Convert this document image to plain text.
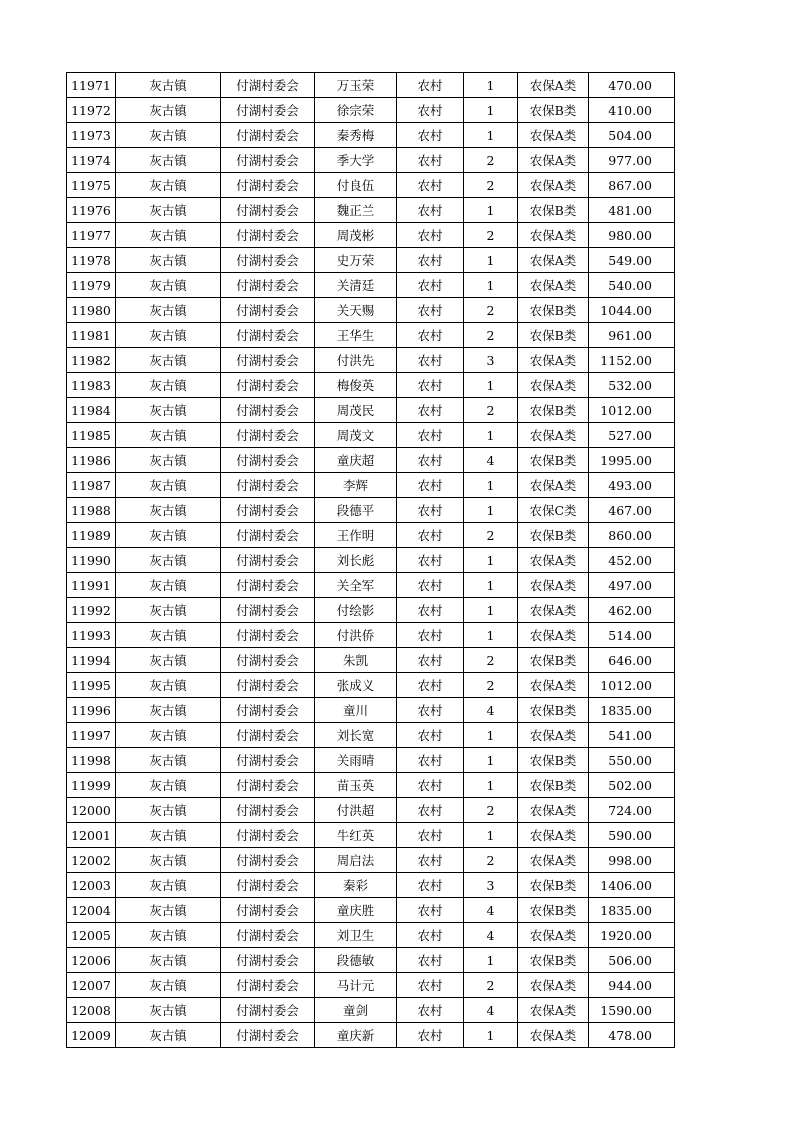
11971	灰古镇	付湖村委会	万玉荣	农村	1	农保A类	470.00
11972	灰古镇	付湖村委会	徐宗荣	农村	1	农保B类	410.00
11973	灰古镇	付湖村委会	秦秀梅	农村	1	农保A类	504.00
11974	灰古镇	付湖村委会	季大学	农村	2	农保A类	977.00
11975	灰古镇	付湖村委会	付良伍	农村	2	农保A类	867.00
11976	灰古镇	付湖村委会	魏正兰	农村	1	农保B类	481.00
11977	灰古镇	付湖村委会	周茂彬	农村	2	农保A类	980.00
11978	灰古镇	付湖村委会	史万荣	农村	1	农保A类	549.00
11979	灰古镇	付湖村委会	关清廷	农村	1	农保A类	540.00
11980	灰古镇	付湖村委会	关天赐	农村	2	农保B类	1044.00
11981	灰古镇	付湖村委会	王华生	农村	2	农保B类	961.00
11982	灰古镇	付湖村委会	付洪先	农村	3	农保A类	1152.00
11983	灰古镇	付湖村委会	梅俊英	农村	1	农保A类	532.00
11984	灰古镇	付湖村委会	周茂民	农村	2	农保B类	1012.00
11985	灰古镇	付湖村委会	周茂文	农村	1	农保A类	527.00
11986	灰古镇	付湖村委会	童庆超	农村	4	农保B类	1995.00
11987	灰古镇	付湖村委会	李辉	农村	1	农保A类	493.00
11988	灰古镇	付湖村委会	段德平	农村	1	农保C类	467.00
11989	灰古镇	付湖村委会	王作明	农村	2	农保B类	860.00
11990	灰古镇	付湖村委会	刘长彪	农村	1	农保A类	452.00
11991	灰古镇	付湖村委会	关全军	农村	1	农保A类	497.00
11992	灰古镇	付湖村委会	付绘影	农村	1	农保A类	462.00
11993	灰古镇	付湖村委会	付洪侨	农村	1	农保A类	514.00
11994	灰古镇	付湖村委会	朱凯	农村	2	农保B类	646.00
11995	灰古镇	付湖村委会	张成义	农村	2	农保A类	1012.00
11996	灰古镇	付湖村委会	童川	农村	4	农保B类	1835.00
11997	灰古镇	付湖村委会	刘长宽	农村	1	农保A类	541.00
11998	灰古镇	付湖村委会	关雨晴	农村	1	农保B类	550.00
11999	灰古镇	付湖村委会	苗玉英	农村	1	农保B类	502.00
12000	灰古镇	付湖村委会	付洪超	农村	2	农保A类	724.00
12001	灰古镇	付湖村委会	牛红英	农村	1	农保A类	590.00
12002	灰古镇	付湖村委会	周启法	农村	2	农保A类	998.00
12003	灰古镇	付湖村委会	秦彩	农村	3	农保B类	1406.00
12004	灰古镇	付湖村委会	童庆胜	农村	4	农保B类	1835.00
12005	灰古镇	付湖村委会	刘卫生	农村	4	农保A类	1920.00
12006	灰古镇	付湖村委会	段德敏	农村	1	农保B类	506.00
12007	灰古镇	付湖村委会	马计元	农村	2	农保A类	944.00
12008	灰古镇	付湖村委会	童剑	农村	4	农保A类	1590.00
12009	灰古镇	付湖村委会	童庆新	农村	1	农保A类	478.00
